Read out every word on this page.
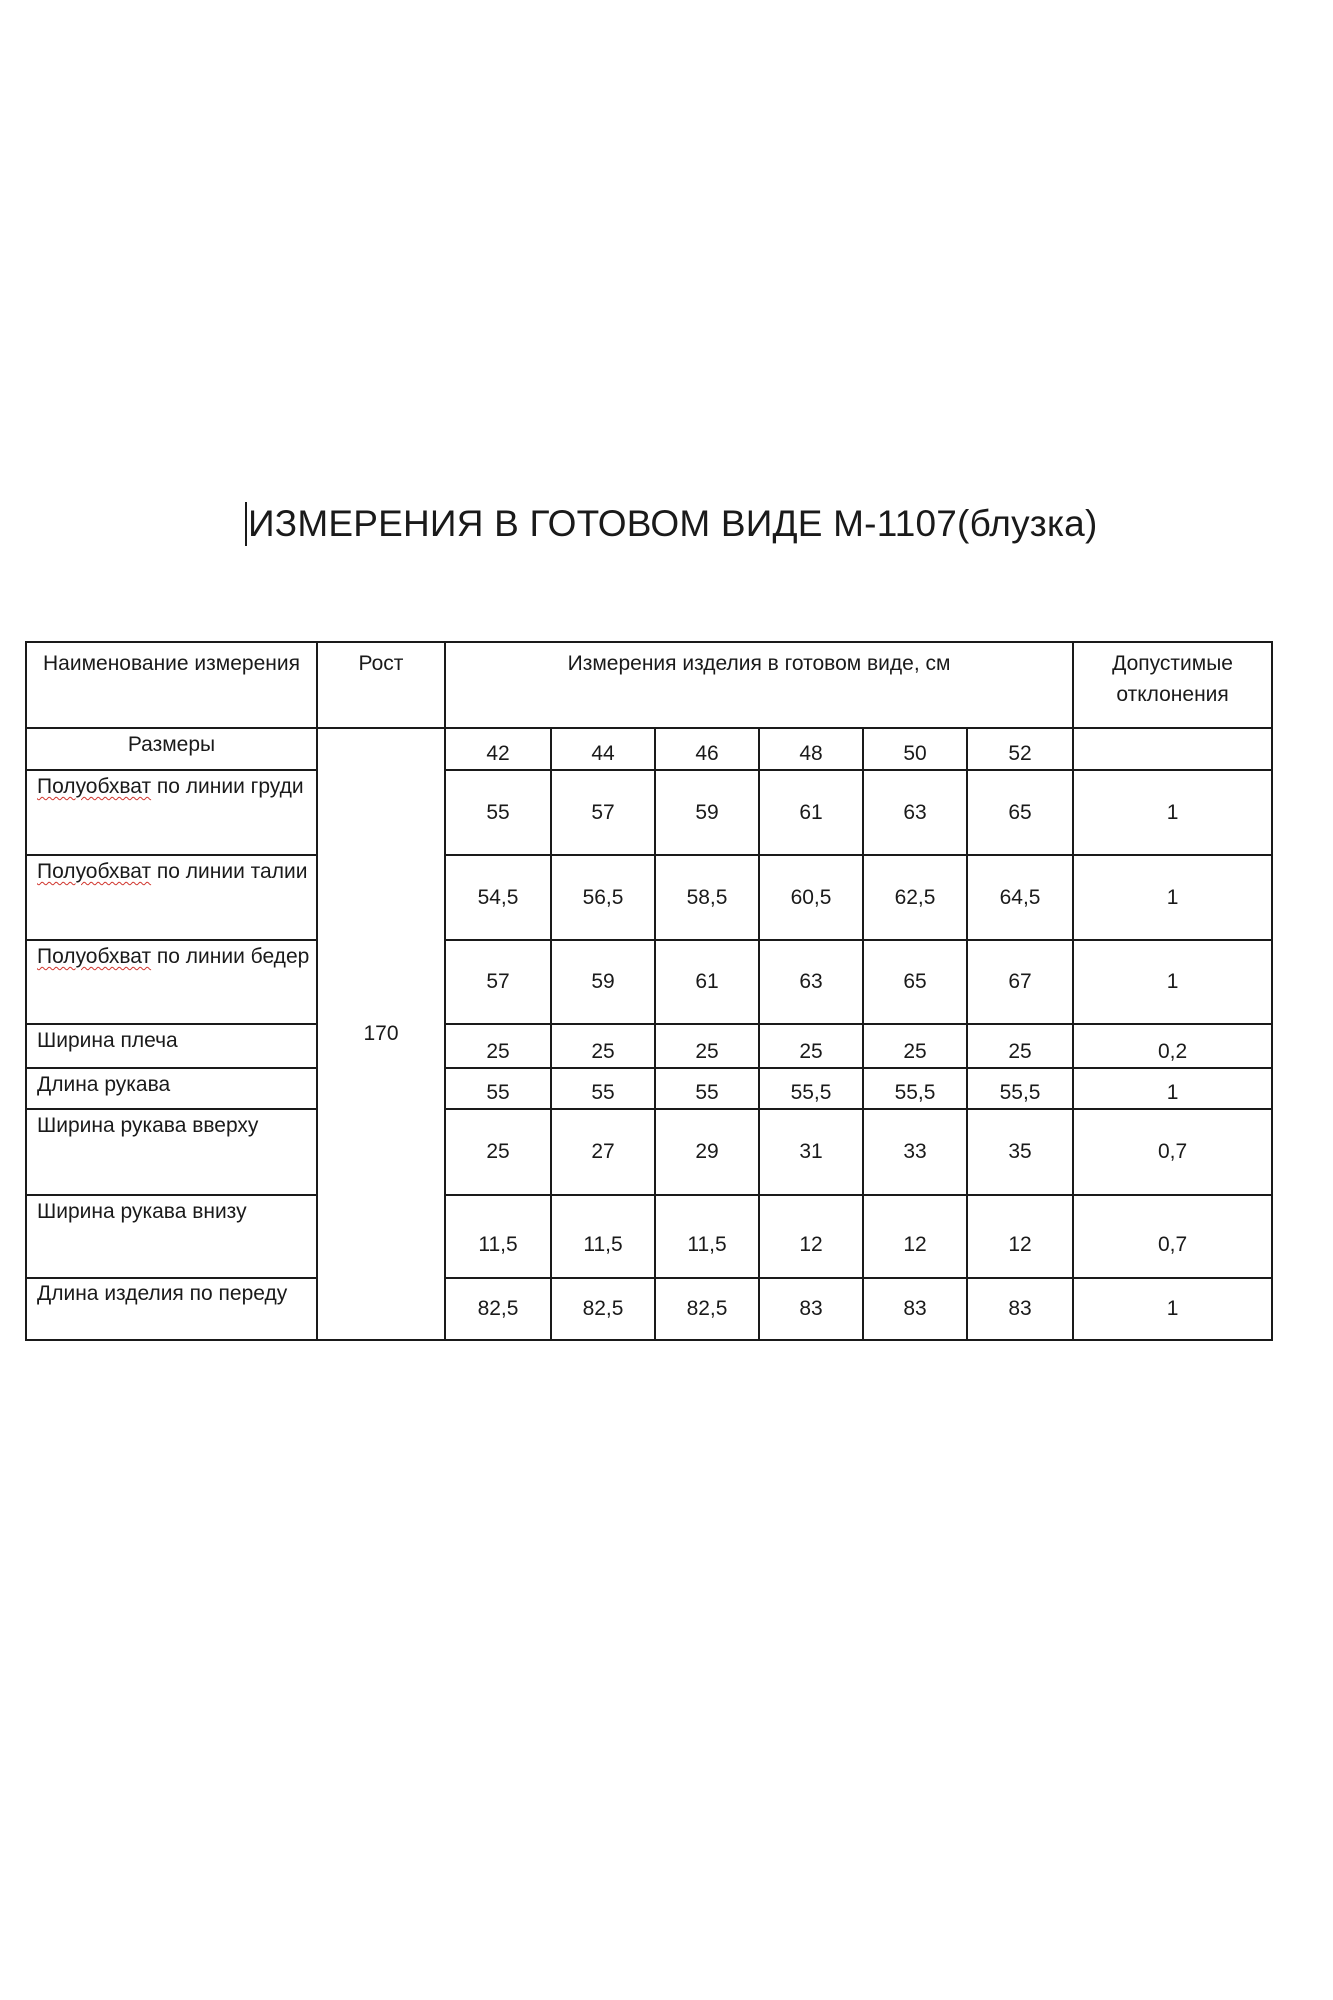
ИЗМЕРЕНИЯ В ГОТОВОМ ВИДЕ М-1107(блузка)
Наименование измерения	Рост	Измерения изделия в готовом виде, см						Допустимые отклонения
Размеры	170	42	44	46	48	50	52	
Полуобхват по линии груди		55	57	59	61	63	65	1
Полуобхват по линии талии		54,5	56,5	58,5	60,5	62,5	64,5	1
Полуобхват по линии бедер		57	59	61	63	65	67	1
Ширина плеча		25	25	25	25	25	25	0,2
Длина рукава		55	55	55	55,5	55,5	55,5	1
Ширина рукава вверху		25	27	29	31	33	35	0,7
Ширина рукава внизу		11,5	11,5	11,5	12	12	12	0,7

Длина изделия по переду		82,5	82,5	82,5	83	83	83	1
